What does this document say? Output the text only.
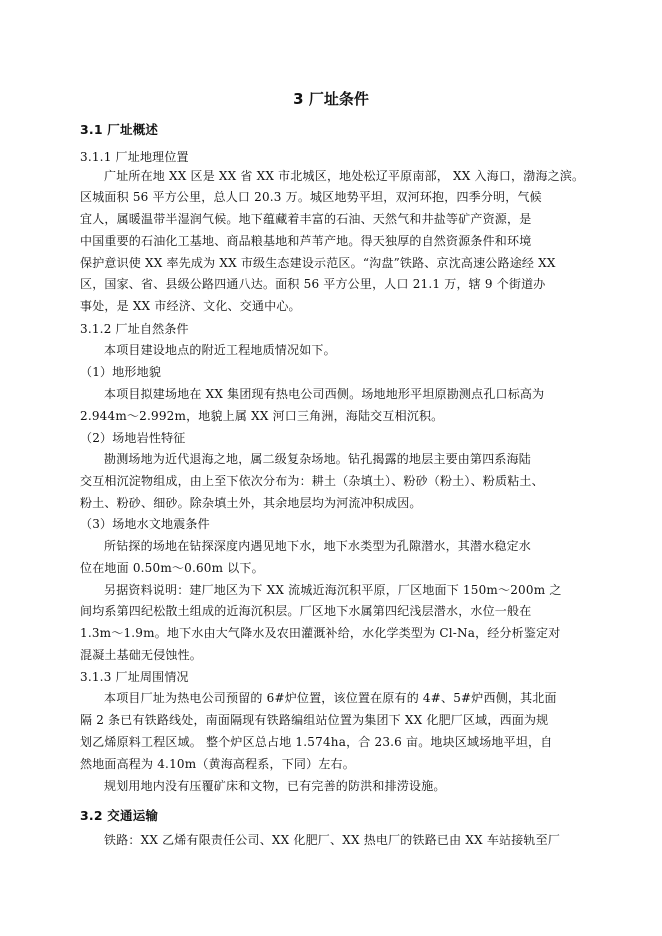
3 厂址条件
3.1 厂址概述
3.1.1 厂址地理位置
广址所在地 XX 区是 XX 省 XX 市北城区，地处松辽平原南部， XX 入海口，渤海之滨。
区城面积 56 平方公里，总人口 20.3 万。城区地势平坦，双河环抱，四季分明，气候
宜人，属暖温带半湿润气候。地下蕴藏着丰富的石油、天然气和井盐等矿产资源，是
中国重要的石油化工基地、商品粮基地和芦苇产地。得天独厚的自然资源条件和环境
保护意识使 XX 率先成为 XX 市级生态建设示范区。“沟盘”铁路、京沈高速公路途经 XX
区，国家、省、县级公路四通八达。面积 56 平方公里，人口 21.1 万，辖 9 个街道办
事处，是 XX 市经济、文化、交通中心。
3.1.2 厂址自然条件
本项目建设地点的附近工程地质情况如下。
（1）地形地貌
本项目拟建场地在 XX 集团现有热电公司西侧。场地地形平坦原勘测点孔口标高为
2.944m～2.992m，地貌上属 XX 河口三角洲，海陆交互相沉积。
（2）场地岩性特征
勘测场地为近代退海之地，属二级复杂场地。钻孔揭露的地层主要由第四系海陆
交互相沉淀物组成，由上至下依次分布为：耕土（杂填土）、粉砂（粉土）、粉质粘土、
粉土、粉砂、细砂。除杂填土外，其余地层均为河流冲积成因。
（3）场地水文地震条件
所钻探的场地在钻探深度内遇见地下水，地下水类型为孔隙潜水，其潜水稳定水
位在地面 0.50m～0.60m 以下。
另据资料说明：建厂地区为下 XX 流城近海沉积平原，厂区地面下 150m～200m 之
间均系第四纪松散土组成的近海沉积层。厂区地下水属第四纪浅层潜水，水位一般在
1.3m～1.9m。地下水由大气降水及农田灌溉补给，水化学类型为 Cl-Na，经分析鉴定对
混凝土基础无侵蚀性。
3.1.3 厂址周围情况
本项目厂址为热电公司预留的 6#炉位置，该位置在原有的 4#、5#炉西侧，其北面
隔 2 条已有铁路线处，南面隔现有铁路编组站位置为集团下 XX 化肥厂区域，西面为规
划乙烯原料工程区域。 整个炉区总占地 1.574ha，合 23.6 亩。地块区域场地平坦，自
然地面高程为 4.10m（黄海高程系，下同）左右。
规划用地内没有压覆矿床和文物，已有完善的防洪和排涝设施。
3.2 交通运输
铁路：XX 乙烯有限责任公司、XX 化肥厂、XX 热电厂的铁路已由 XX 车站接轨至厂
